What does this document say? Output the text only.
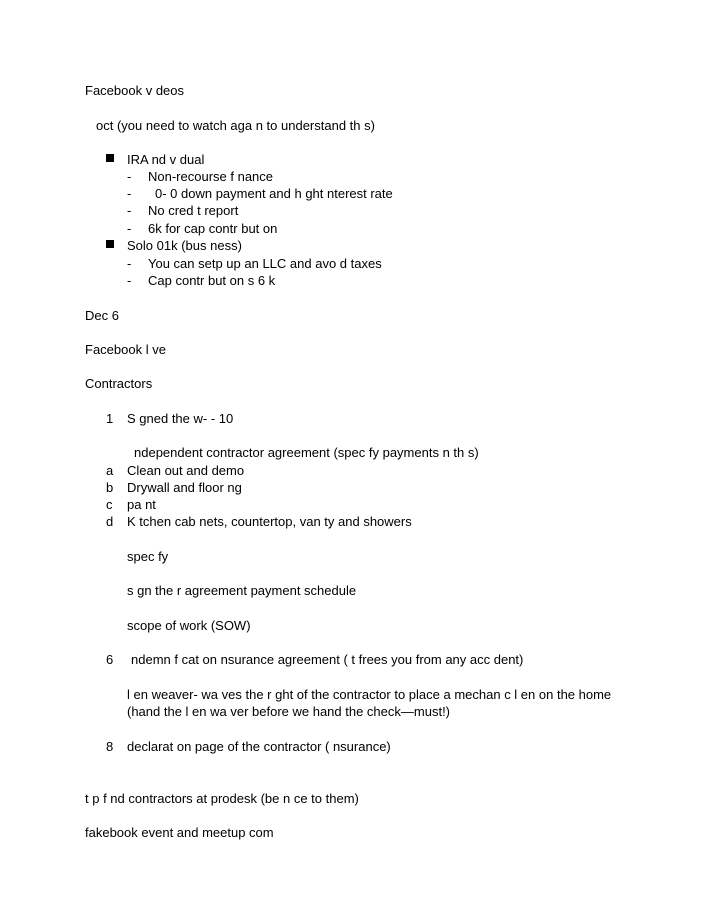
Facebook v deos
oct (you need to watch aga n to understand th s)
IRA nd v dual
- Non-recourse f nance
- 0- 0 down payment and h ght nterest rate
- No cred t report
- 6k for cap contr but on
Solo 01k (bus ness)
- You can setp up an LLC and avo d taxes
- Cap contr but on s 6 k
Dec 6
Facebook l ve
Contractors
1 S gned the w- - 10
ndependent contractor agreement (spec fy payments n th s)
a Clean out and demo
b Drywall and floor ng
c pa nt
d K tchen cab nets, countertop, van ty and showers
spec fy
s gn the r agreement payment schedule
scope of work (SOW)
6 ndemn f cat on nsurance agreement ( t frees you from any acc dent)
l en weaver- wa ves the r ght of the contractor to place a mechan c l en on the home
(hand the l en wa ver before we hand the check—must!)
8 declarat on page of the contractor ( nsurance)
t p f nd contractors at prodesk (be n ce to them)
fakebook event and meetup com
